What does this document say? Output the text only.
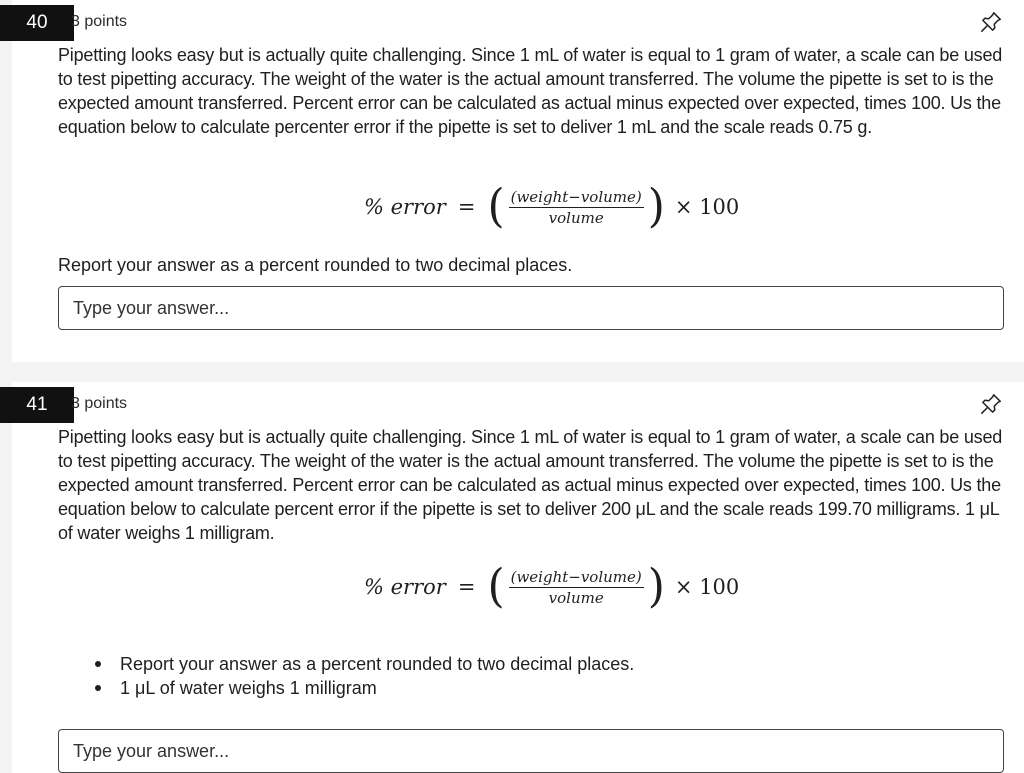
40	3 points

Pipetting looks easy but is actually quite challenging. Since 1 mL of water is equal to 1 gram of water, a scale can be used to test pipetting accuracy. The weight of the water is the actual amount transferred. The volume the pipette is set to is the expected amount transferred. Percent error can be calculated as actual minus expected over expected, times 100. Us the equation below to calculate percenter error if the pipette is set to deliver 1 mL and the scale reads 0.75 g.

% error = ( $\frac{\text{(weight−volume)}}{\text{volume}}$ ) × 100
Report your answer as a percent rounded to two decimal places.
Type your answer...
41	3 points

Pipetting looks easy but is actually quite challenging. Since 1 mL of water is equal to 1 gram of water, a scale can be used to test pipetting accuracy. The weight of the water is the actual amount transferred. The volume the pipette is set to is the expected amount transferred. Percent error can be calculated as actual minus expected over expected, times 100. Us the equation below to calculate percent error if the pipette is set to deliver 200 μL and the scale reads 199.70 milligrams. 1 μL of water weighs 1 milligram.

% error = ( $\frac{\text{(weight−volume)}}{\text{volume}}$ ) × 100
Report your answer as a percent rounded to two decimal places.
1 μL of water weighs 1 milligram
Type your answer...
